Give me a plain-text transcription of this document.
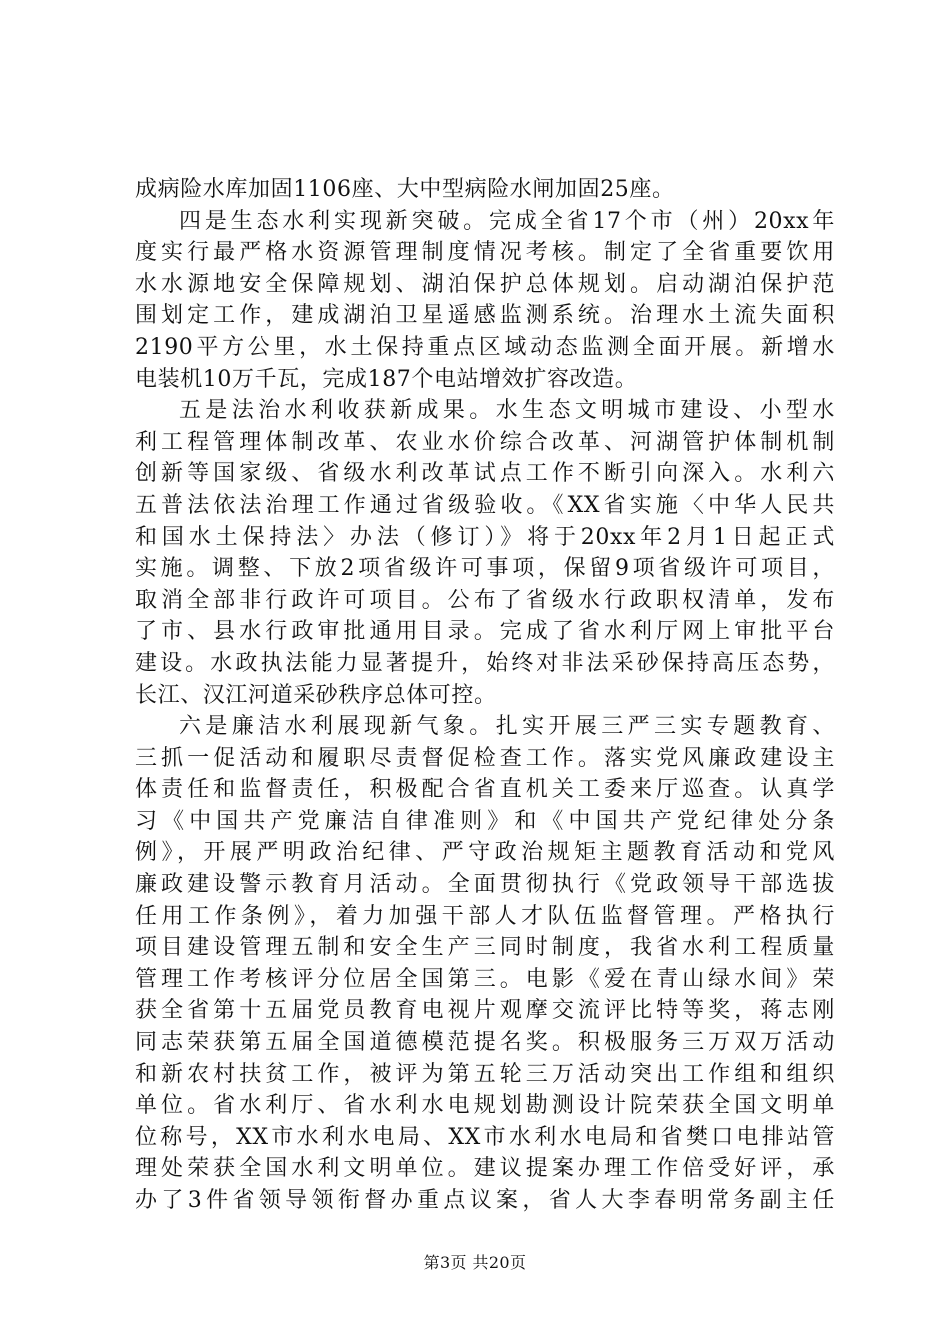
成病险水库加固1106座、大中型病险水闸加固25座。
四是生态水利实现新突破。完成全省17个市（州）20xx年
度实行最严格水资源管理制度情况考核。制定了全省重要饮用
水水源地安全保障规划、湖泊保护总体规划。启动湖泊保护范
围划定工作，建成湖泊卫星遥感监测系统。治理水土流失面积
2190平方公里，水土保持重点区域动态监测全面开展。新增水
电装机10万千瓦，完成187个电站增效扩容改造。
五是法治水利收获新成果。水生态文明城市建设、小型水
利工程管理体制改革、农业水价综合改革、河湖管护体制机制
创新等国家级、省级水利改革试点工作不断引向深入。水利六
五普法依法治理工作通过省级验收。《XX省实施〈中华人民共
和国水土保持法〉办法（修订）》将于20xx年2月1日起正式
实施。调整、下放2项省级许可事项，保留9项省级许可项目，
取消全部非行政许可项目。公布了省级水行政职权清单，发布
了市、县水行政审批通用目录。完成了省水利厅网上审批平台
建设。水政执法能力显著提升，始终对非法采砂保持高压态势，
长江、汉江河道采砂秩序总体可控。
六是廉洁水利展现新气象。扎实开展三严三实专题教育、
三抓一促活动和履职尽责督促检查工作。落实党风廉政建设主
体责任和监督责任，积极配合省直机关工委来厅巡查。认真学
习《中国共产党廉洁自律准则》和《中国共产党纪律处分条
例》，开展严明政治纪律、严守政治规矩主题教育活动和党风
廉政建设警示教育月活动。全面贯彻执行《党政领导干部选拔
任用工作条例》，着力加强干部人才队伍监督管理。严格执行
项目建设管理五制和安全生产三同时制度，我省水利工程质量
管理工作考核评分位居全国第三。电影《爱在青山绿水间》荣
获全省第十五届党员教育电视片观摩交流评比特等奖，蒋志刚
同志荣获第五届全国道德模范提名奖。积极服务三万双万活动
和新农村扶贫工作，被评为第五轮三万活动突出工作组和组织
单位。省水利厅、省水利水电规划勘测设计院荣获全国文明单
位称号，XX市水利水电局、XX市水利水电局和省樊口电排站管
理处荣获全国水利文明单位。建议提案办理工作倍受好评，承
办了3件省领导领衔督办重点议案，省人大李春明常务副主任
第3页 共20页
